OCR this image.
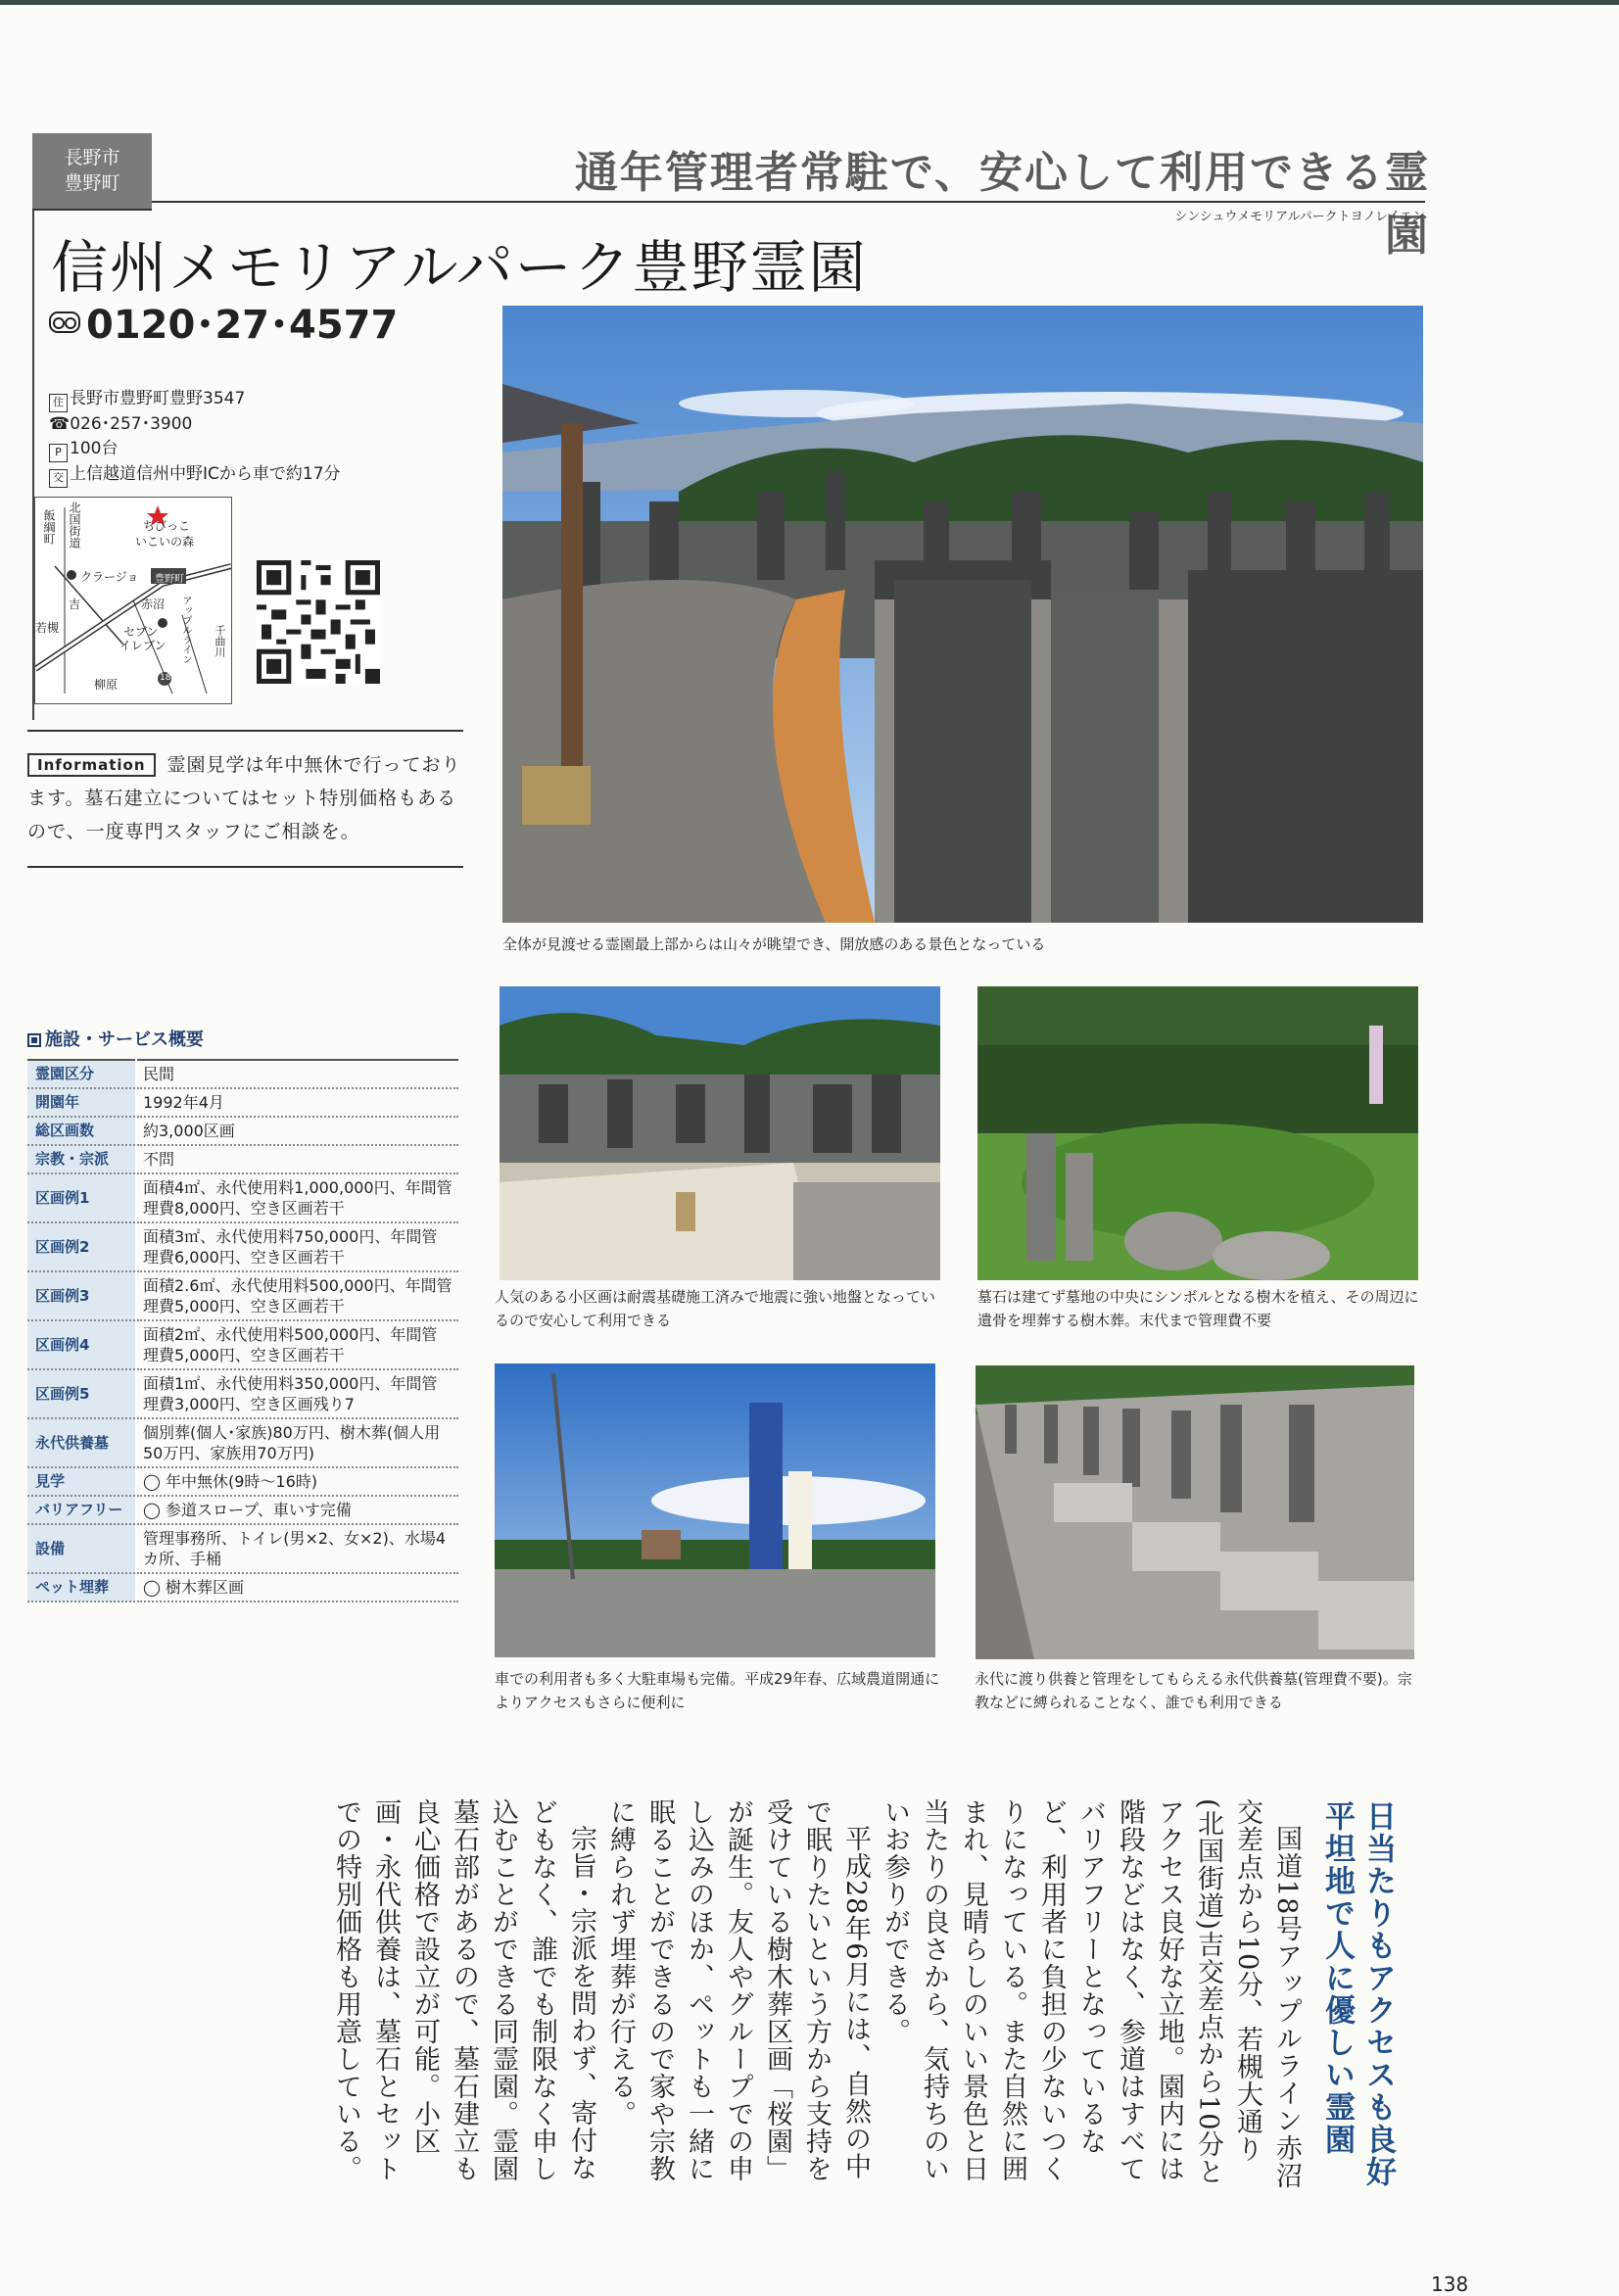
長野市
豊野町	通年管理者常駐で、安心して利用できる霊園
シンシュウメモリアルパークトヨノレイエン
信州メモリアルパーク豊野霊園
0120･27･4577
住 長野市豊野町豊野3547
☎026･257･3900
P 100台
交 上信越道信州中野ICから車で約17分
飯綱町 北国街道	ちびっこ
いこいの森
クラージョ
吉
若槻
赤沼
セブン
イレブン アップルライン 千曲川
豊野町
柳原	18
Information 霊園見学は年中無休で行っております。墓石建立についてはセット特別価格もあるので、一度専門スタッフにご相談を。
全体が見渡せる霊園最上部からは山々が眺望でき、開放感のある景色となっている
人気のある小区画は耐震基礎施工済みで地震に強い地盤となっているので安心して利用できる
墓石は建てず墓地の中央にシンボルとなる樹木を植え、その周辺に遺骨を埋葬する樹木葬。末代まで管理費不要
車での利用者も多く大駐車場も完備。平成29年春、広域農道開通によりアクセスもさらに便利に
永代に渡り供養と管理をしてもらえる永代供養墓(管理費不要)。宗教などに縛られることなく、誰でも利用できる
施設・サービス概要
霊園区分	民間
開園年	1992年4月
総区画数	約3,000区画
宗教・宗派	不問
区画例1	面積4㎡、永代使用料1,000,000円、年間管理費8,000円、空き区画若干
区画例2	面積3㎡、永代使用料750,000円、年間管理費6,000円、空き区画若干
区画例3	面積2.6㎡、永代使用料500,000円、年間管理費5,000円、空き区画若干
区画例4	面積2㎡、永代使用料500,000円、年間管理費5,000円、空き区画若干
区画例5	面積1㎡、永代使用料350,000円、年間管理費3,000円、空き区画残り7
永代供養墓	個別葬(個人･家族)80万円、樹木葬(個人用50万円、家族用70万円)
見学	◯ 年中無休(9時〜16時)
バリアフリー	◯ 参道スロープ、車いす完備
設備	管理事務所、トイレ(男×2、女×2)、水場4カ所、手桶
ペット埋葬	◯ 樹木葬区画
日当たりもアクセスも良好
平坦地で人に優しい霊園
国道18号アップルライン赤沼交差点から10分、若槻大通り(北国街道)吉交差点から10分とアクセス良好な立地。園内には階段などはなく、参道はすべてバリアフリーとなっているなど、利用者に負担の少ないつくりになっている。また自然に囲まれ、見晴らしのいい景色と日当たりの良さから、気持ちのいいお参りができる。
平成28年6月には、自然の中で眠りたいという方から支持を受けている樹木葬区画「桜園」が誕生。友人やグループでの申し込みのほか、ペットも一緒に眠ることができるので家や宗教に縛られず埋葬が行える。
宗旨・宗派を問わず、寄付などもなく、誰でも制限なく申し込むことができる同霊園。霊園墓石部があるので、墓石建立も良心価格で設立が可能。小区画・永代供養は、墓石とセットでの特別価格も用意している。
138
